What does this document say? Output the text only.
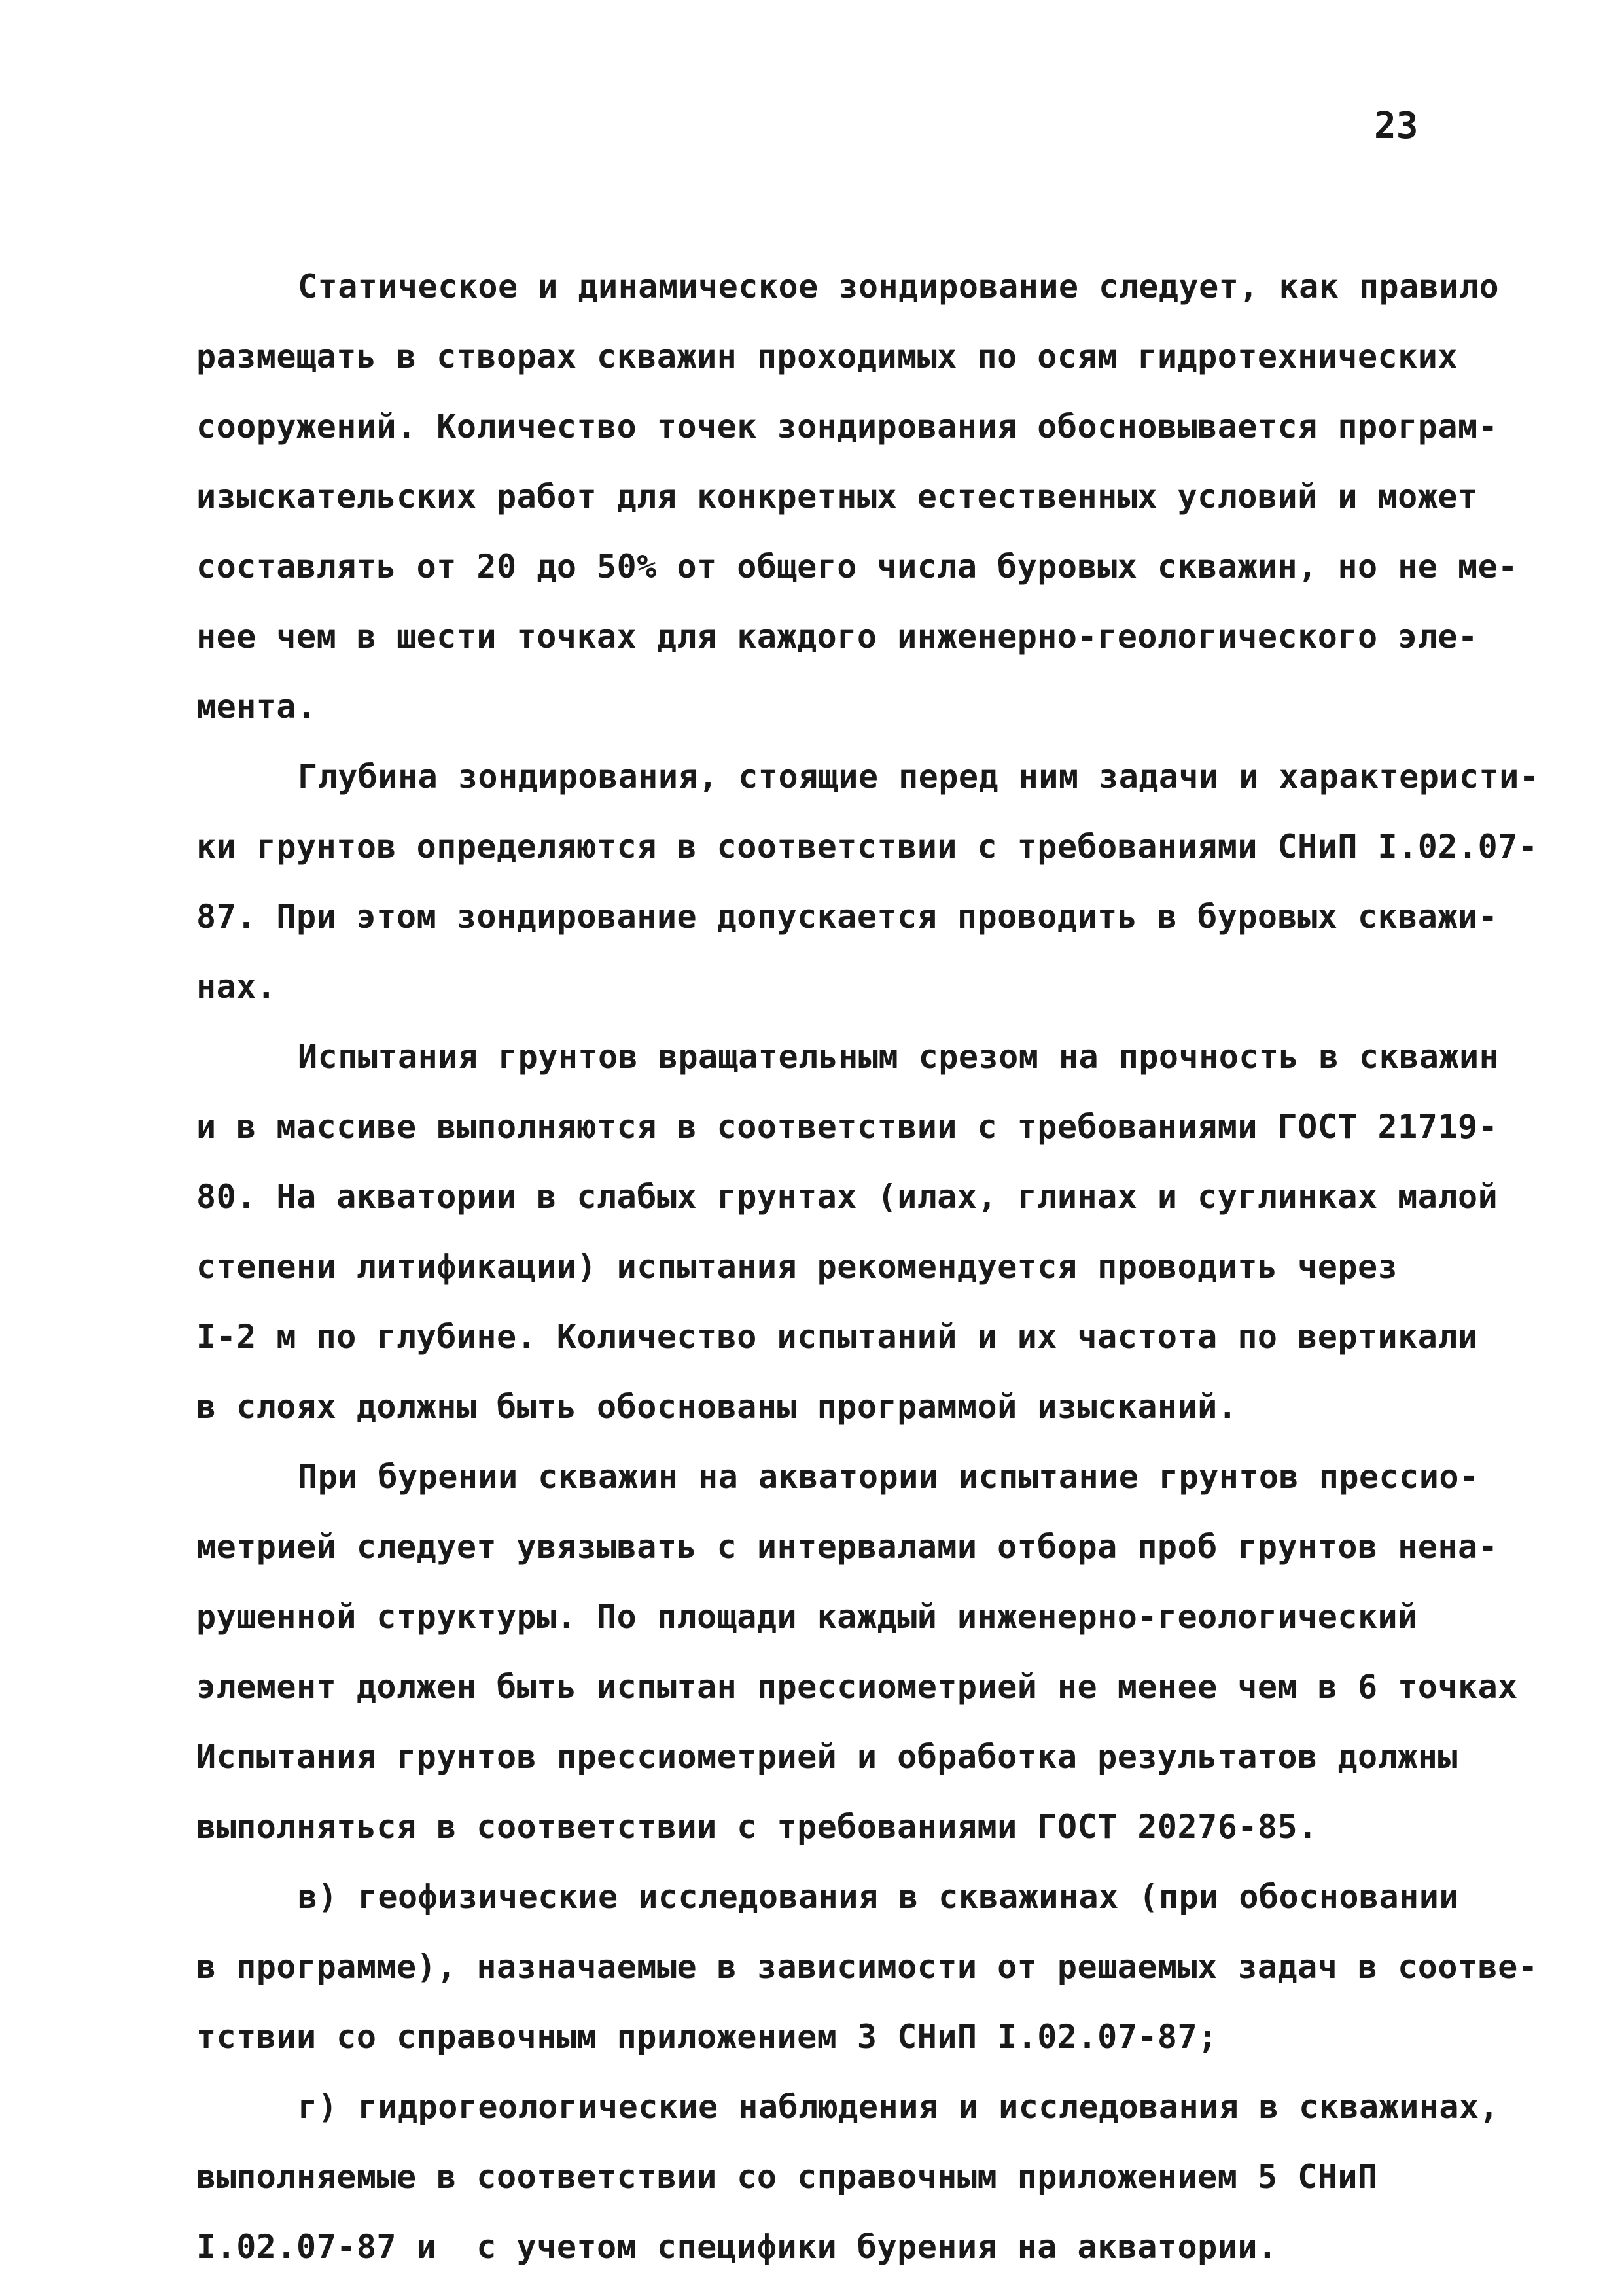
23
Статическое и динамическое зондирование следует, как правило
размещать в створах скважин проходимых по осям гидротехнических
сооружений. Количество точек зондирования обосновывается програм-
изыскательских работ для конкретных естественных условий и может
составлять от 20 до 50% от общего числа буровых скважин, но не ме-
нее чем в шести точках для каждого инженерно-геологического эле-
мента.
Глубина зондирования, стоящие перед ним задачи и характеристи-
ки грунтов определяются в соответствии с требованиями СНиП I.02.07-
87. При этом зондирование допускается проводить в буровых скважи-
нах.
Испытания грунтов вращательным срезом на прочность в скважин
и в массиве выполняются в соответствии с требованиями ГОСТ 21719-
80. На акватории в слабых грунтах (илах, глинах и суглинках малой
степени литификации) испытания рекомендуется проводить через
I-2 м по глубине. Количество испытаний и их частота по вертикали
в слоях должны быть обоснованы программой изысканий.
При бурении скважин на акватории испытание грунтов прессио-
метрией следует увязывать с интервалами отбора проб грунтов нена-
рушенной структуры. По площади каждый инженерно-геологический
элемент должен быть испытан прессиометрией не менее чем в 6 точках
Испытания грунтов прессиометрией и обработка результатов должны
выполняться в соответствии с требованиями ГОСТ 20276-85.
в) геофизические исследования в скважинах (при обосновании
в программе), назначаемые в зависимости от решаемых задач в соотве-
тствии со справочным приложением 3 СНиП I.02.07-87;
г) гидрогеологические наблюдения и исследования в скважинах,
выполняемые в соответствии со справочным приложением 5 СНиП
I.02.07-87 и  с учетом специфики бурения на акватории.
